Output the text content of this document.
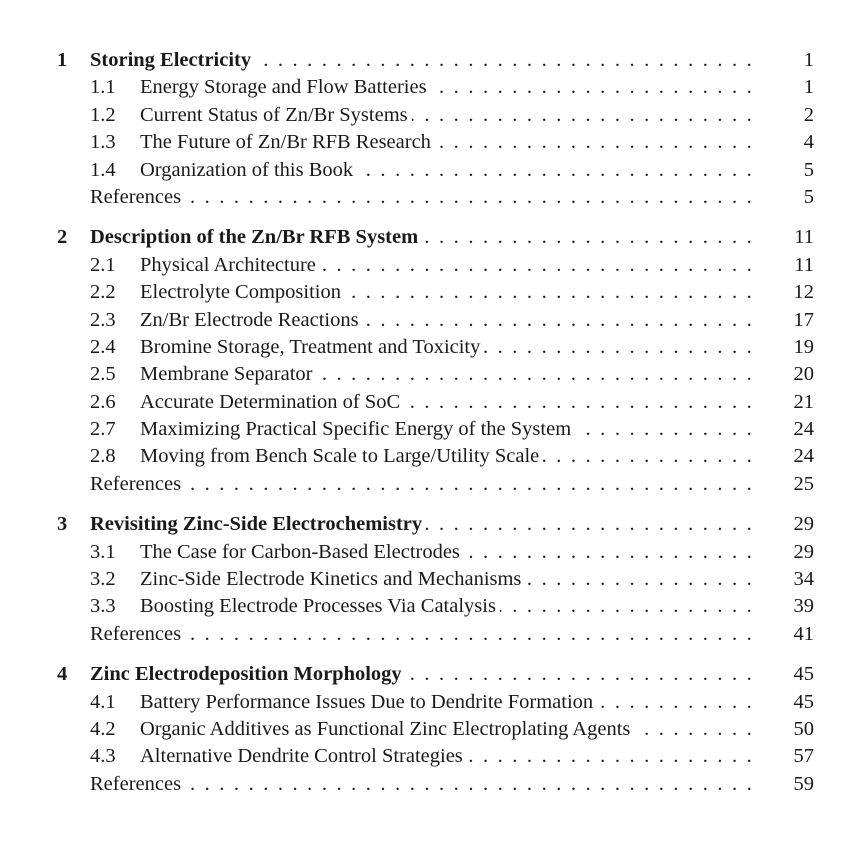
1 Storing Electricity . . .	1
1.1 Energy Storage and Flow Batteries . . .	1
1.2 Current Status of Zn/Br Systems . . .	2
1.3 The Future of Zn/Br RFB Research . . .	4
1.4 Organization of this Book . . .	5
References . . .	5
2 Description of the Zn/Br RFB System . . .	11
2.1 Physical Architecture . . .	11
2.2 Electrolyte Composition . . .	12
2.3 Zn/Br Electrode Reactions . . .	17
2.4 Bromine Storage, Treatment and Toxicity . . .	19
2.5 Membrane Separator . . .	20
2.6 Accurate Determination of SoC . . .	21
2.7 Maximizing Practical Specific Energy of the System . . .	24
2.8 Moving from Bench Scale to Large/Utility Scale . . .	24
References . . .	25
3 Revisiting Zinc-Side Electrochemistry . . .	29
3.1 The Case for Carbon-Based Electrodes . . .	29
3.2 Zinc-Side Electrode Kinetics and Mechanisms . . .	34
3.3 Boosting Electrode Processes Via Catalysis . . .	39
References . . .	41
4 Zinc Electrodeposition Morphology . . .	45
4.1 Battery Performance Issues Due to Dendrite Formation . . .	45
4.2 Organic Additives as Functional Zinc Electroplating Agents . . .	50
4.3 Alternative Dendrite Control Strategies . . .	57
References . . .	59
